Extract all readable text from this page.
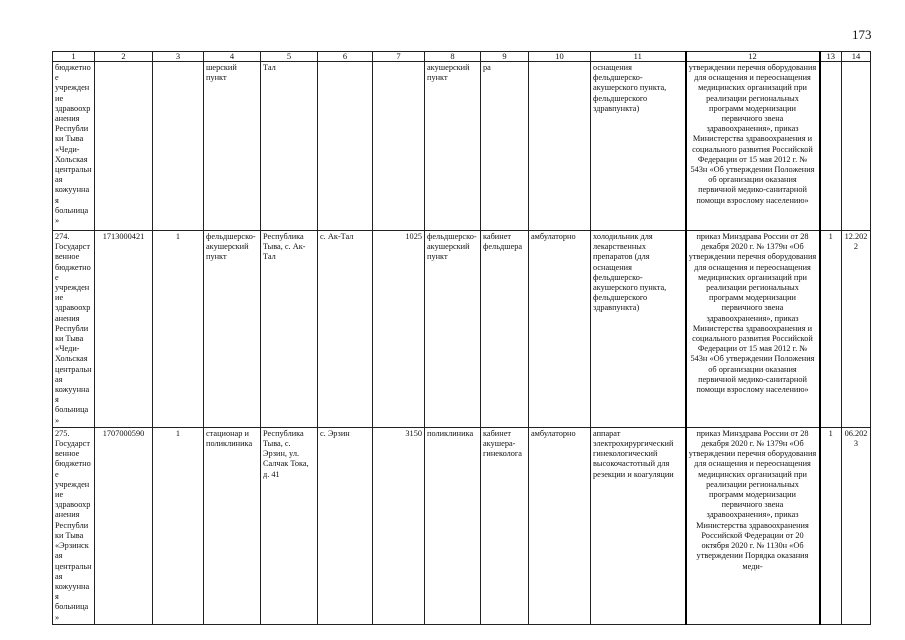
173
1	2	3	4	5	6	7	8	9	10	11	12	13	14
бюджетное учреждение здравоохранения Республики Тыва «Чеди-Хольская центральная кожуунная больница»			шерский пункт	Тал			акушерский пункт	ра		оснащения фельдшерско-акушерского пункта, фельдшерского здравпункта)	утверждении перечня оборудования для оснащения и переоснащения медицинских организаций при реализации региональных программ модернизации первичного звена здравоохранения», приказ Министерства здравоохранения и социального развития Российской Федерации от 15 мая 2012 г. № 543н «Об утверждении Положения об организации оказания первичной медико-санитарной помощи взрослому населению»		
274. Государственное бюджетное учреждение здравоохранения Республики Тыва «Чеди-Хольская центральная кожуунная больница»	1713000421	1	фельдшерско-акушерский пункт	Республика Тыва, с. Ак-Тал	с. Ак-Тал	1025	фельдшерско-акушерский пункт	кабинет фельдшера	амбулаторно	холодильник для лекарственных препаратов (для оснащения фельдшерско-акушерского пункта, фельдшерского здравпункта)	приказ Минздрава России от 28 декабря 2020 г. № 1379н «Об утверждении перечня оборудования для оснащения и переоснащения медицинских организаций при реализации региональных программ модернизации первичного звена здравоохранения», приказ Министерства здравоохранения и социального развития Российской Федерации от 15 мая 2012 г. № 543н «Об утверждении Положения об организации оказания первичной медико-санитарной помощи взрослому населению»	1	12.2022
275. Государственное бюджетное учреждение здравоохранения Республики Тыва «Эрзинская центральная кожуунная больница»	1707000590	1	стационар и поликлиника	Республика Тыва, с. Эрзин, ул. Салчак Тока, д. 41	с. Эрзин	3150	поликлиника	кабинет акушера-гинеколога	амбулаторно	аппарат электрохирургический гинекологический высокочастотный для резекции и коагуляции	приказ Минздрава России от 28 декабря 2020 г. № 1379н «Об утверждении перечня оборудования для оснащения и переоснащения медицинских организаций при реализации региональных программ модернизации первичного звена здравоохранения», приказ Министерства здравоохранения Российской Федерации от 20 октября 2020 г. № 1130н «Об утверждении Порядка оказания меди-	1	06.2023
